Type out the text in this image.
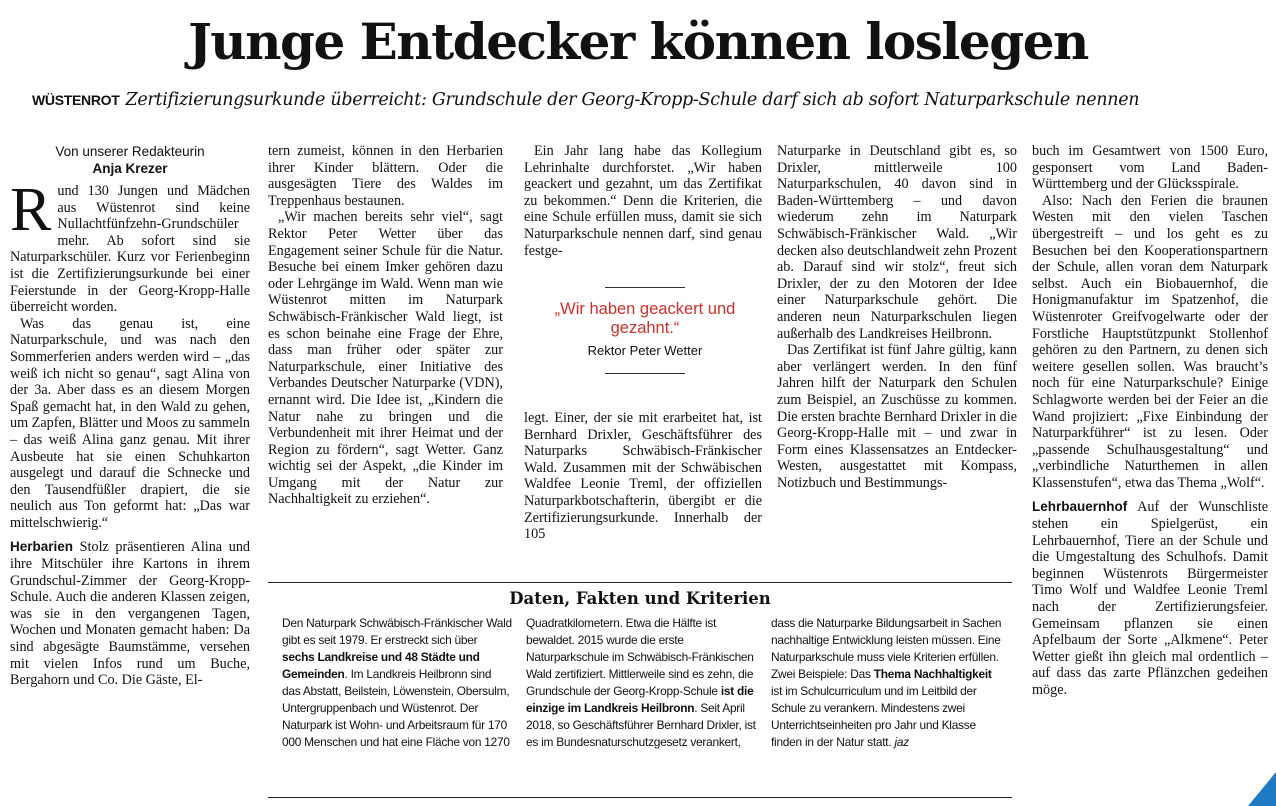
Junge Entdecker können loslegen
WÜSTENROT Zertifizierungsurkunde überreicht: Grundschule der Georg-Kropp-Schule darf sich ab sofort Naturparkschule nennen
Von unserer Redakteurin
Anja Krezer

Rund 130 Jungen und Mädchen aus Wüstenrot sind keine Nullachtfünfzehn-Grundschüler mehr. Ab sofort sind sie Naturparkschüler. Kurz vor Ferienbeginn ist die Zertifizierungsurkunde bei einer Feierstunde in der Georg-Kropp-Halle überreicht worden.

Was das genau ist, eine Naturparkschule, und was nach den Sommerferien anders werden wird – „das weiß ich nicht so genau“, sagt Alina von der 3a. Aber dass es an diesem Morgen Spaß gemacht hat, in den Wald zu gehen, um Zapfen, Blätter und Moos zu sammeln – das weiß Alina ganz genau. Mit ihrer Ausbeute hat sie einen Schuhkarton ausgelegt und darauf die Schnecke und den Tausendfüßler drapiert, die sie neulich aus Ton geformt hat: „Das war mittelschwierig.“

Herbarien Stolz präsentieren Alina und ihre Mitschüler ihre Kartons in ihrem Grundschul-Zimmer der Georg-Kropp-Schule. Auch die anderen Klassen zeigen, was sie in den vergangenen Tagen, Wochen und Monaten gemacht haben: Da sind abgesägte Baumstämme, versehen mit vielen Infos rund um Buche, Bergahorn und Co. Die Gäste, El-

tern zumeist, können in den Herbarien ihrer Kinder blättern. Oder die ausgesägten Tiere des Waldes im Treppenhaus bestaunen.

„Wir machen bereits sehr viel“, sagt Rektor Peter Wetter über das Engagement seiner Schule für die Natur. Besuche bei einem Imker gehören dazu oder Lehrgänge im Wald. Wenn man wie Wüstenrot mitten im Naturpark Schwäbisch-Fränkischer Wald liegt, ist es schon beinahe eine Frage der Ehre, dass man früher oder später zur Naturparkschule, einer Initiative des Verbandes Deutscher Naturparke (VDN), ernannt wird. Die Idee ist, „Kindern die Natur nahe zu bringen und die Verbundenheit mit ihrer Heimat und der Region zu fördern“, sagt Wetter. Ganz wichtig sei der Aspekt, „die Kinder im Umgang mit der Natur zur Nachhaltigkeit zu erziehen“.

Ein Jahr lang habe das Kollegium Lehrinhalte durchforstet. „Wir haben geackert und gezahnt, um das Zertifikat zu bekommen.“ Denn die Kriterien, die eine Schule erfüllen muss, damit sie sich Naturparkschule nennen darf, sind genau festge-

„Wir haben geackert und gezahnt.“
Rektor Peter Wetter

legt. Einer, der sie mit erarbeitet hat, ist Bernhard Drixler, Geschäftsführer des Naturparks Schwäbisch-Fränkischer Wald. Zusammen mit der Schwäbischen Waldfee Leonie Treml, der offiziellen Naturparkbotschafterin, übergibt er die Zertifizierungsurkunde. Innerhalb der 105

Naturparke in Deutschland gibt es, so Drixler, mittlerweile 100 Naturparkschulen, 40 davon sind in Baden-Württemberg – und davon wiederum zehn im Naturpark Schwäbisch-Fränkischer Wald. „Wir decken also deutschlandweit zehn Prozent ab. Darauf sind wir stolz“, freut sich Drixler, der zu den Motoren der Idee einer Naturparkschule gehört. Die anderen neun Naturparkschulen liegen außerhalb des Landkreises Heilbronn.

Das Zertifikat ist fünf Jahre gültig, kann aber verlängert werden. In den fünf Jahren hilft der Naturpark den Schulen zum Beispiel, an Zuschüsse zu kommen. Die ersten brachte Bernhard Drixler in die Georg-Kropp-Halle mit – und zwar in Form eines Klassensatzes an Entdecker-Westen, ausgestattet mit Kompass, Notizbuch und Bestimmungs-

buch im Gesamtwert von 1500 Euro, gesponsert vom Land Baden-Württemberg und der Glücksspirale.

Also: Nach den Ferien die braunen Westen mit den vielen Taschen übergestreift – und los geht es zu Besuchen bei den Kooperationspartnern der Schule, allen voran dem Naturpark selbst. Auch ein Biobauernhof, die Honigmanufaktur im Spatzenhof, die Wüstenroter Greifvogelwarte oder der Forstliche Hauptstützpunkt Stollenhof gehören zu den Partnern, zu denen sich weitere gesellen sollen. Was braucht’s noch für eine Naturparkschule? Einige Schlagworte werden bei der Feier an die Wand projiziert: „Fixe Einbindung der Naturparkführer“ ist zu lesen. Oder „passende Schulhausgestaltung“ und „verbindliche Naturthemen in allen Klassenstufen“, etwa das Thema „Wolf“.

Lehrbauernhof Auf der Wunschliste stehen ein Spielgerüst, ein Lehrbauernhof, Tiere an der Schule und die Umgestaltung des Schulhofs. Damit beginnen Wüstenrots Bürgermeister Timo Wolf und Waldfee Leonie Treml nach der Zertifizierungsfeier. Gemeinsam pflanzen sie einen Apfelbaum der Sorte „Alkmene“. Peter Wetter gießt ihn gleich mal ordentlich – auf dass das zarte Pflänzchen gedeihen möge.

Daten, Fakten und Kriterien

Den Naturpark Schwäbisch-Fränkischer Wald gibt es seit 1979. Er erstreckt sich über sechs Landkreise und 48 Städte und Gemeinden. Im Landkreis Heilbronn sind das Abstatt, Beilstein, Löwenstein, Obersulm, Untergruppenbach und Wüstenrot. Der Naturpark ist Wohn- und Arbeitsraum für 170 000 Menschen und hat eine Fläche von 1270

Quadratkilometern. Etwa die Hälfte ist bewaldet. 2015 wurde die erste Naturparkschule im Schwäbisch-Fränkischen Wald zertifiziert. Mittlerweile sind es zehn, die Grundschule der Georg-Kropp-Schule ist die einzige im Landkreis Heilbronn. Seit April 2018, so Geschäftsführer Bernhard Drixler, ist es im Bundesnaturschutzgesetz verankert,

dass die Naturparke Bildungsarbeit in Sachen nachhaltige Entwicklung leisten müssen. Eine Naturparkschule muss viele Kriterien erfüllen. Zwei Beispiele: Das Thema Nachhaltigkeit ist im Schulcurriculum und im Leitbild der Schule zu verankern. Mindestens zwei Unterrichtseinheiten pro Jahr und Klasse finden in der Natur statt. jaz
